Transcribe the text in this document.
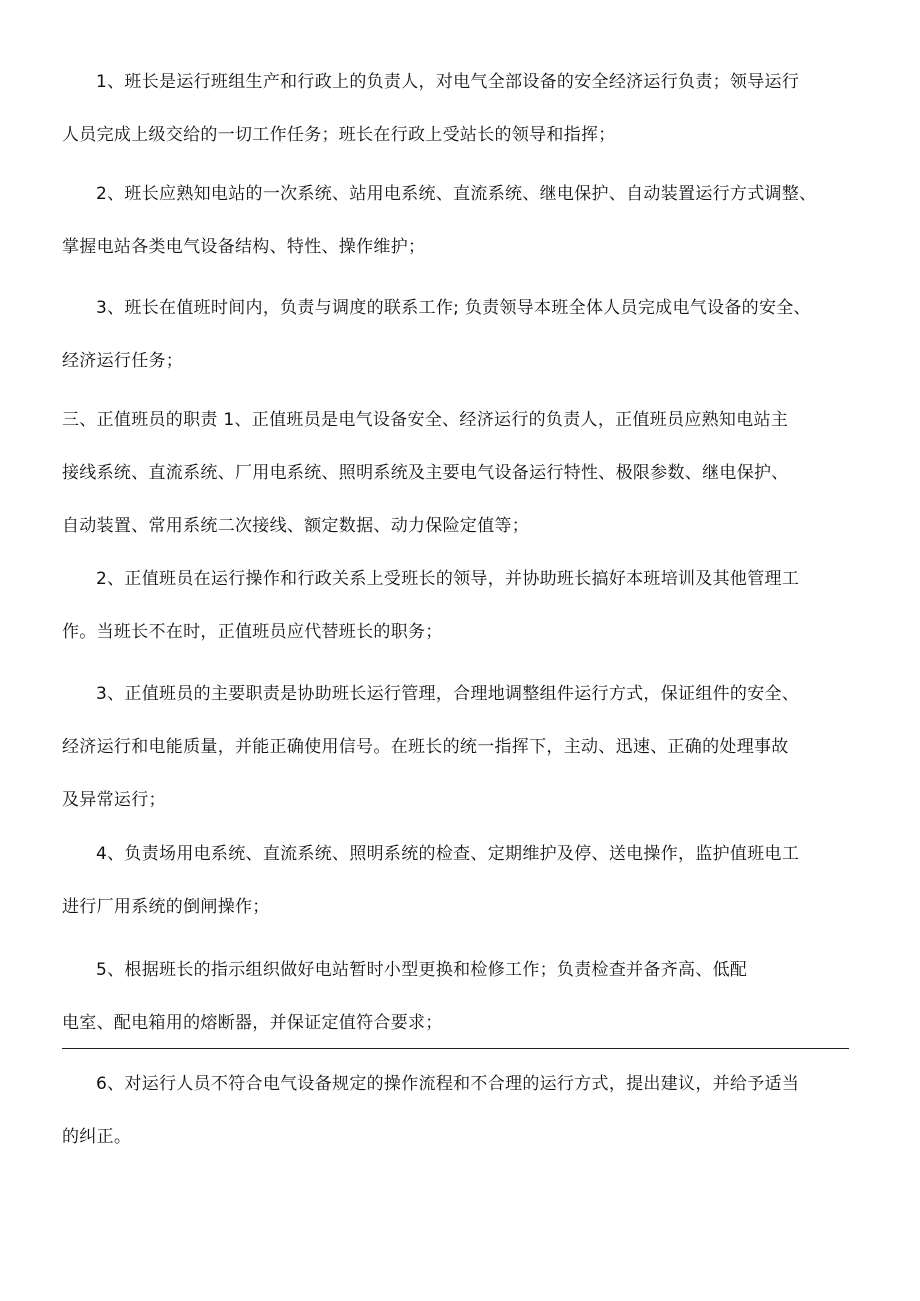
1、班长是运行班组生产和行政上的负责人，对电气全部设备的安全经济运行负责；领导运行
人员完成上级交给的一切工作任务；班长在行政上受站长的领导和指挥；
2、班长应熟知电站的一次系统、站用电系统、直流系统、继电保护、自动装置运行方式调整、
掌握电站各类电气设备结构、特性、操作维护；
3、班长在值班时间内，负责与调度的联系工作; 负责领导本班全体人员完成电气设备的安全、
经济运行任务；
三、正值班员的职责 1、正值班员是电气设备安全、经济运行的负责人，正值班员应熟知电站主
接线系统、直流系统、厂用电系统、照明系统及主要电气设备运行特性、极限参数、继电保护、
自动装置、常用系统二次接线、额定数据、动力保险定值等；
2、正值班员在运行操作和行政关系上受班长的领导，并协助班长搞好本班培训及其他管理工
作。当班长不在时，正值班员应代替班长的职务；
3、正值班员的主要职责是协助班长运行管理，合理地调整组件运行方式，保证组件的安全、
经济运行和电能质量，并能正确使用信号。在班长的统一指挥下，主动、迅速、正确的处理事故
及异常运行；
4、负责场用电系统、直流系统、照明系统的检查、定期维护及停、送电操作，监护值班电工
进行厂用系统的倒闸操作；
5、根据班长的指示组织做好电站暂时小型更换和检修工作；负责检查并备齐高、低配
电室、配电箱用的熔断器，并保证定值符合要求；
6、对运行人员不符合电气设备规定的操作流程和不合理的运行方式，提出建议，并给予适当
的纠正。
